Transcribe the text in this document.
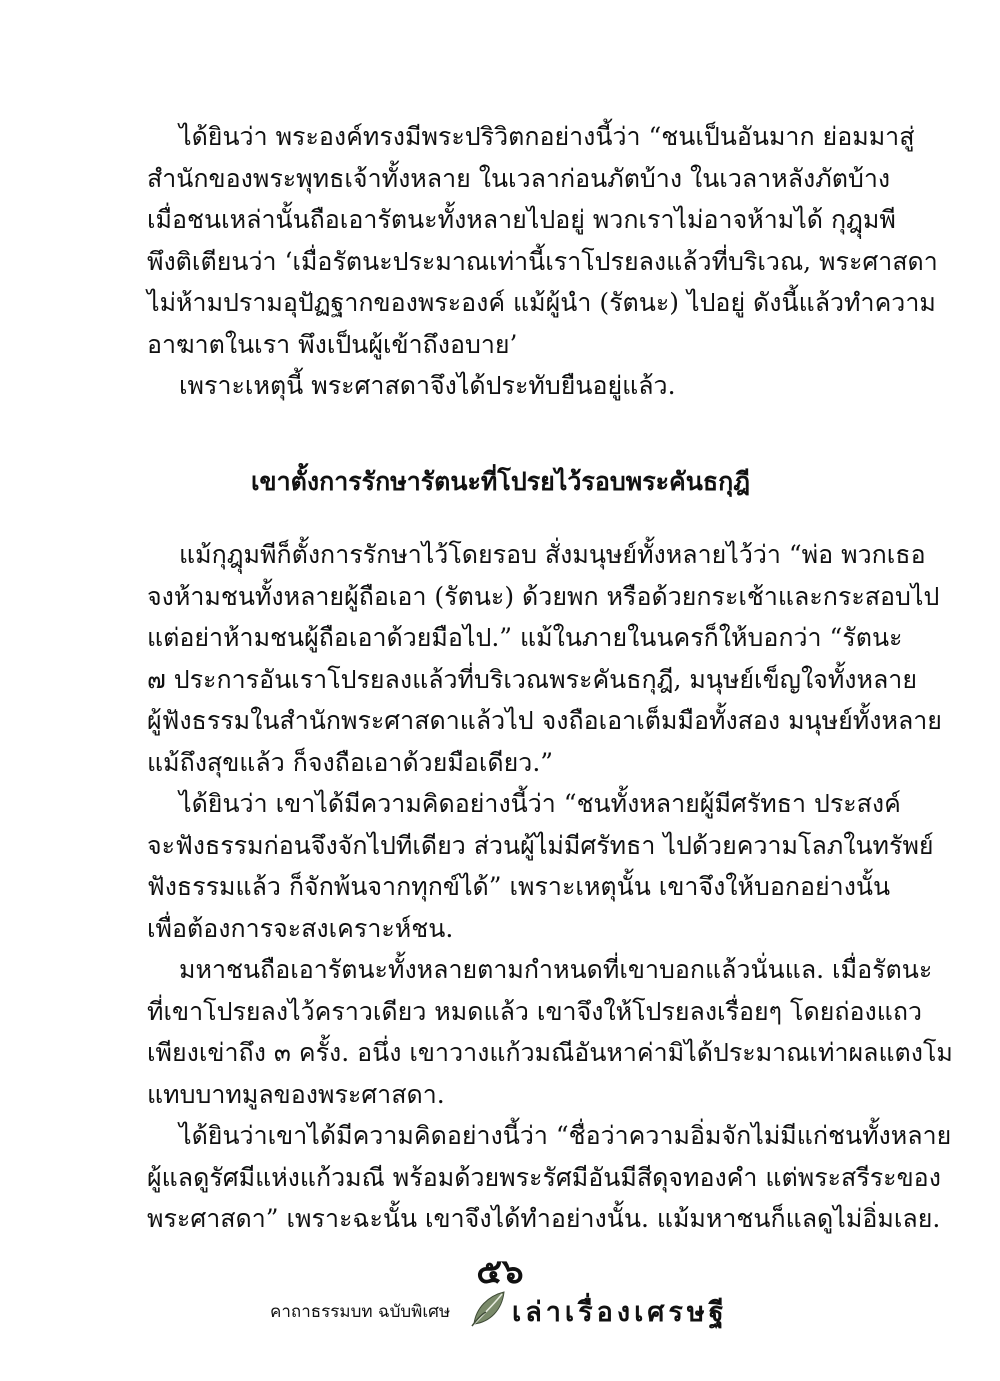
ได้ยินว่า พระองค์ทรงมีพระปริวิตกอย่างนี้ว่า “ชนเป็นอันมาก ย่อมมาสู่
สำนักของพระพุทธเจ้าทั้งหลาย ในเวลาก่อนภัตบ้าง ในเวลาหลังภัตบ้าง
เมื่อชนเหล่านั้นถือเอารัตนะทั้งหลายไปอยู่ พวกเราไม่อาจห้ามได้ กุฎุมพี
พึงติเตียนว่า ‘เมื่อรัตนะประมาณเท่านี้เราโปรยลงแล้วที่บริเวณ, พระศาสดา
ไม่ห้ามปรามอุปัฏฐากของพระองค์ แม้ผู้นำ (รัตนะ) ไปอยู่ ดังนี้แล้วทำความ
อาฆาตในเรา พึงเป็นผู้เข้าถึงอบาย’
เพราะเหตุนี้ พระศาสดาจึงได้ประทับยืนอยู่แล้ว.
เขาตั้งการรักษารัตนะที่โปรยไว้รอบพระคันธกุฎี
แม้กุฎุมพีก็ตั้งการรักษาไว้โดยรอบ สั่งมนุษย์ทั้งหลายไว้ว่า “พ่อ พวกเธอ
จงห้ามชนทั้งหลายผู้ถือเอา (รัตนะ) ด้วยพก หรือด้วยกระเช้าและกระสอบไป
แต่อย่าห้ามชนผู้ถือเอาด้วยมือไป.” แม้ในภายในนครก็ให้บอกว่า “รัตนะ
๗ ประการอันเราโปรยลงแล้วที่บริเวณพระคันธกุฎี, มนุษย์เข็ญใจทั้งหลาย
ผู้ฟังธรรมในสำนักพระศาสดาแล้วไป จงถือเอาเต็มมือทั้งสอง มนุษย์ทั้งหลาย
แม้ถึงสุขแล้ว ก็จงถือเอาด้วยมือเดียว.”
ได้ยินว่า เขาได้มีความคิดอย่างนี้ว่า “ชนทั้งหลายผู้มีศรัทธา ประสงค์
จะฟังธรรมก่อนจึงจักไปทีเดียว ส่วนผู้ไม่มีศรัทธา ไปด้วยความโลภในทรัพย์
ฟังธรรมแล้ว ก็จักพ้นจากทุกข์ได้” เพราะเหตุนั้น เขาจึงให้บอกอย่างนั้น
เพื่อต้องการจะสงเคราะห์ชน.
มหาชนถือเอารัตนะทั้งหลายตามกำหนดที่เขาบอกแล้วนั่นแล. เมื่อรัตนะ
ที่เขาโปรยลงไว้คราวเดียว หมดแล้ว เขาจึงให้โปรยลงเรื่อยๆ โดยถ่องแถว
เพียงเข่าถึง ๓ ครั้ง. อนึ่ง เขาวางแก้วมณีอันหาค่ามิได้ประมาณเท่าผลแตงโม
แทบบาทมูลของพระศาสดา.
ได้ยินว่าเขาได้มีความคิดอย่างนี้ว่า “ชื่อว่าความอิ่มจักไม่มีแก่ชนทั้งหลาย
ผู้แลดูรัศมีแห่งแก้วมณี พร้อมด้วยพระรัศมีอันมีสีดุจทองคำ แต่พระสรีระของ
พระศาสดา” เพราะฉะนั้น เขาจึงได้ทำอย่างนั้น. แม้มหาชนก็แลดูไม่อิ่มเลย.
๕๖
คาถาธรรมบท ฉบับพิเศษ เล่าเรื่องเศรษฐี
